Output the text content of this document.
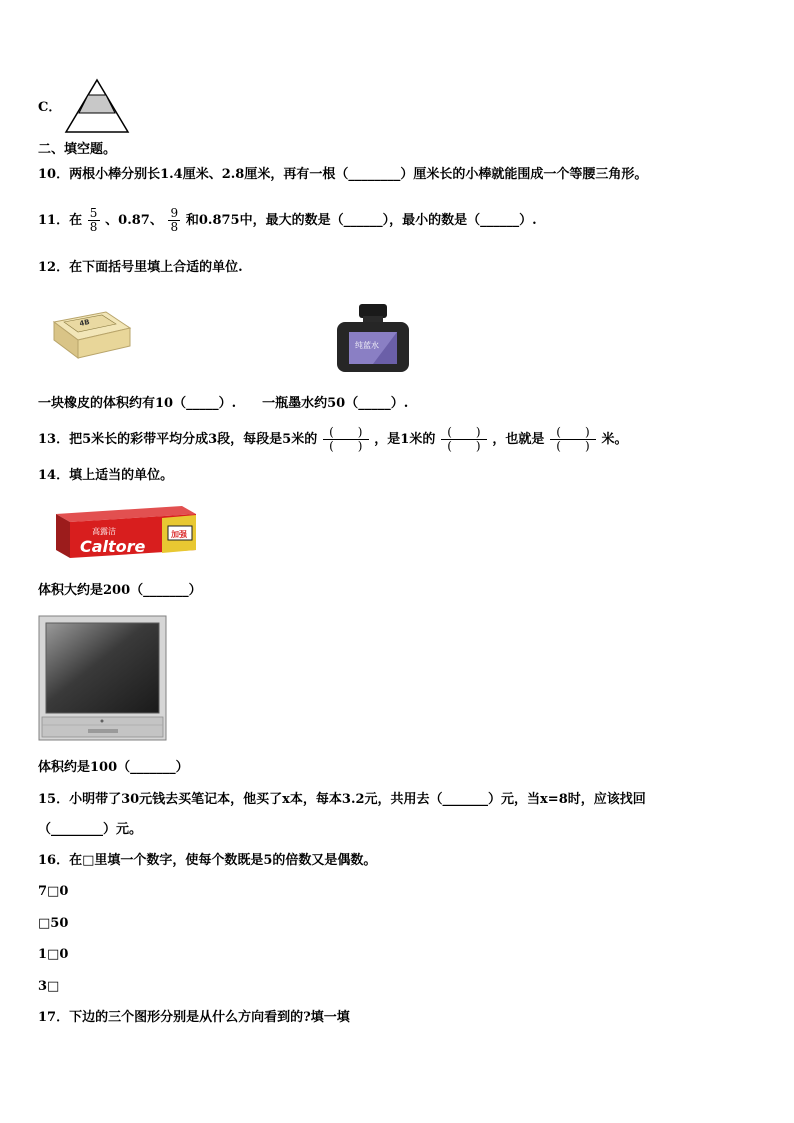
C．
二、填空题。
10．两根小棒分别长1.4厘米、2.8厘米，再有一根（________）厘米长的小棒就能围成一个等腰三角形。
11．在 $\frac{5}{8}$ 、0.87、 $\frac{9}{8}$ 和0.875中，最大的数是（______），最小的数是（______）.
12．在下面括号里填上合适的单位.
4B
纯蓝水
一块橡皮的体积约有10（_____）.　　一瓶墨水约50（_____）.
13．把5米长的彩带平均分成3段，每段是5米的 $\frac{( )}{( )}$ ，是1米的 $\frac{( )}{( )}$ ，也就是 $\frac{( )}{( )}$ 米。
14．填上适当的单位。
加强
高露洁
Caltore
体积大约是200（_______）
体积约是100（_______）
15．小明带了30元钱去买笔记本，他买了x本，每本3.2元，共用去（_______）元，当x=8时，应该找回
（________）元。
16．在□里填一个数字，使每个数既是5的倍数又是偶数。
7□0
□50
1□0
3□
17．下边的三个图形分别是从什么方向看到的?填一填
